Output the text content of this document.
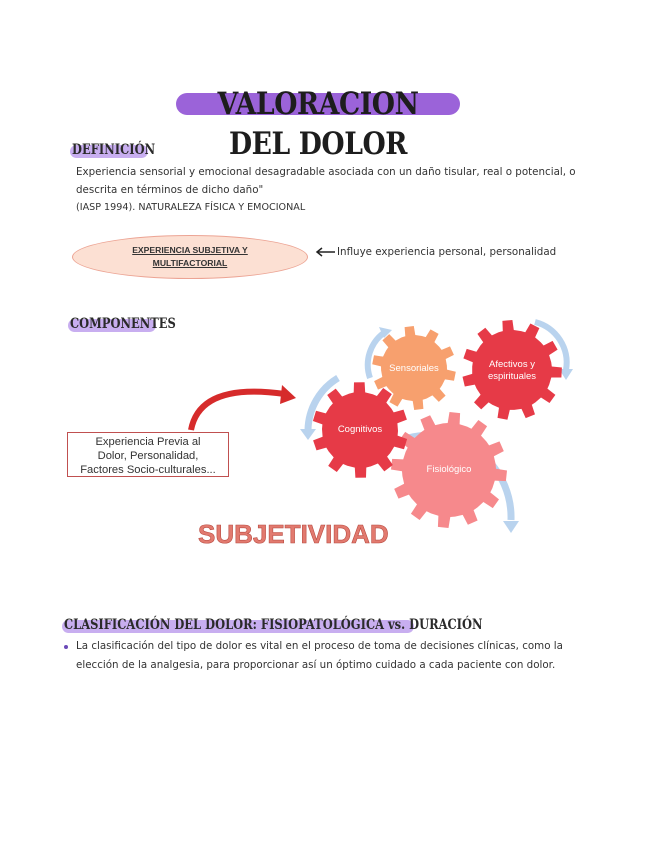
VALORACION DEL DOLOR
DEFINICIÓN
Experiencia sensorial y emocional desagradable asociada con un daño tisular, real o potencial, o
descrita en términos de dicho daño"
(IASP 1994). NATURALEZA FÍSICA Y EMOCIONAL
EXPERIENCIA SUBJETIVA Y MULTIFACTORIAL
Influye experiencia personal, personalidad
COMPONENTES
Sensoriales	Afectivos y
espirituales
Cognitivos
Fisiológico
Experiencia Previa al
Dolor, Personalidad,
Factores Socio-culturales...
SUBJETIVIDAD
CLASIFICACIÓN DEL DOLOR: FISIOPATOLÓGICA vs. DURACIÓN
La clasificación del tipo de dolor es vital en el proceso de toma de decisiones clínicas, como la
elección de la analgesia, para proporcionar así un óptimo cuidado a cada paciente con dolor.
